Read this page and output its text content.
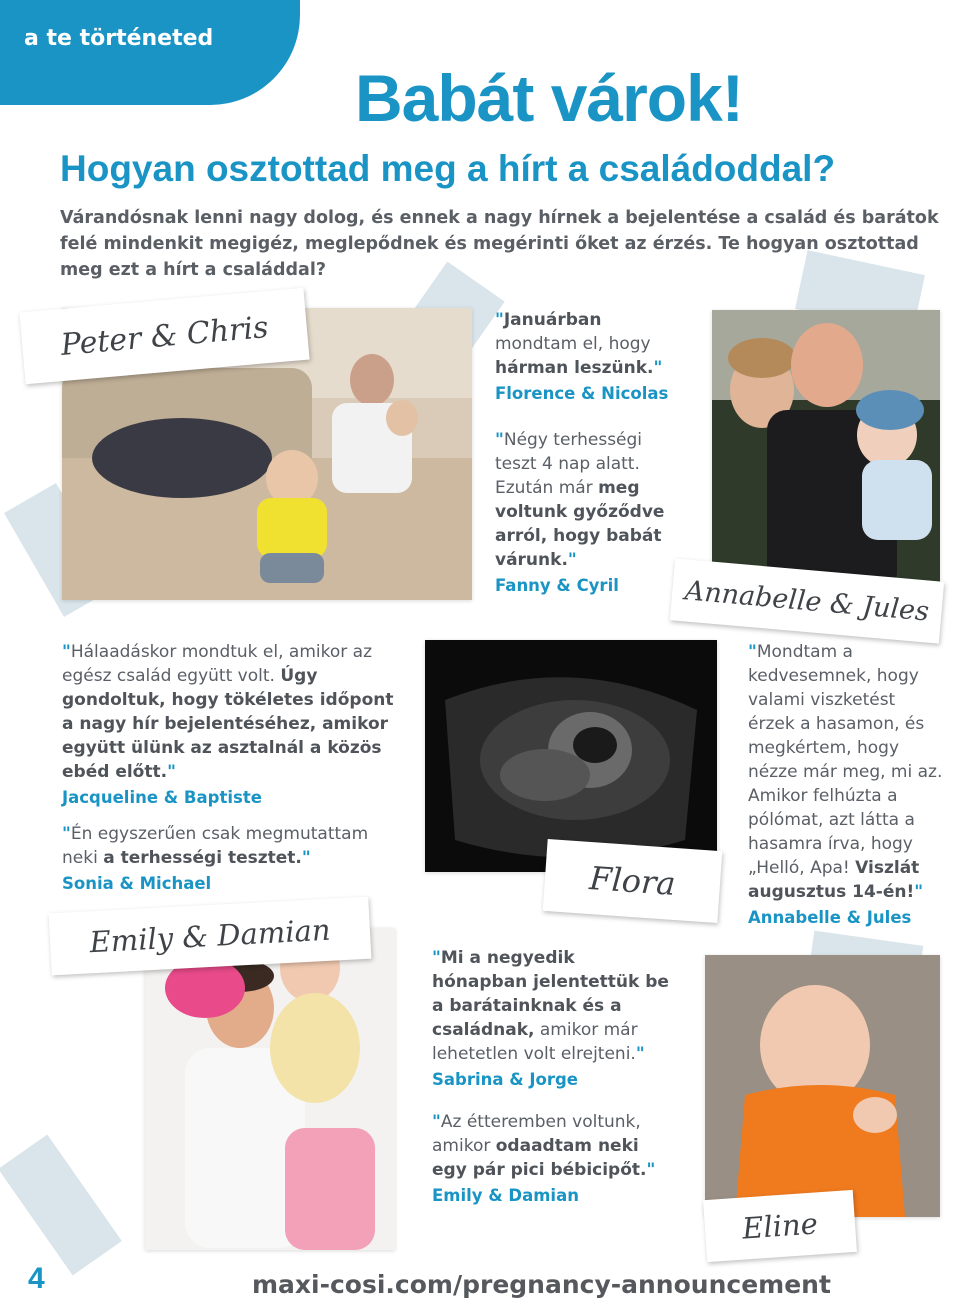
a te történeted
Babát várok!
Hogyan osztottad meg a hírt a családoddal?

Várandósnak lenni nagy dolog, és ennek a nagy hírnek a bejelentése a család és barátok felé mindenkit megigéz, meglepődnek és megérinti őket az érzés. Te hogyan osztottad meg ezt a hírt a családdal?

Peter & Chris	"Januárban
mondtam el, hogy
hárman leszünk."
Florence & Nicolas
"Négy terhességi teszt 4 nap alatt. Ezután már meg voltunk győződve arról, hogy babát várunk."
Fanny & Cyril	Annabelle & Jules
"Hálaadáskor mondtuk el, amikor az egész család együtt volt. Úgy gondoltuk, hogy tökéletes időpont a nagy hír bejelentéséhez, amikor együtt ülünk az asztalnál a közös ebéd előtt."
Jacqueline & Baptiste
"Én egyszerűen csak megmutattam neki a terhességi tesztet."
Sonia & Michael	Flora
"Mondtam a kedvesemnek, hogy valami viszketést érzek a hasamon, és megkértem, hogy nézze már meg, mi az. Amikor felhúzta a pólómat, azt látta a hasamra írva, hogy „Helló, Apa! Viszlát augusztus 14-én!"
Annabelle & Jules
Emily & Damian	"Mi a negyedik hónapban jelentettük be a barátainknak és a családnak, amikor már lehetetlen volt elrejteni."
Sabrina & Jorge
"Az étteremben voltunk, amikor odaadtam neki egy pár pici bébicipőt."
Emily & Damian
Eline
4	maxi-cosi.com/pregnancy-announcement
